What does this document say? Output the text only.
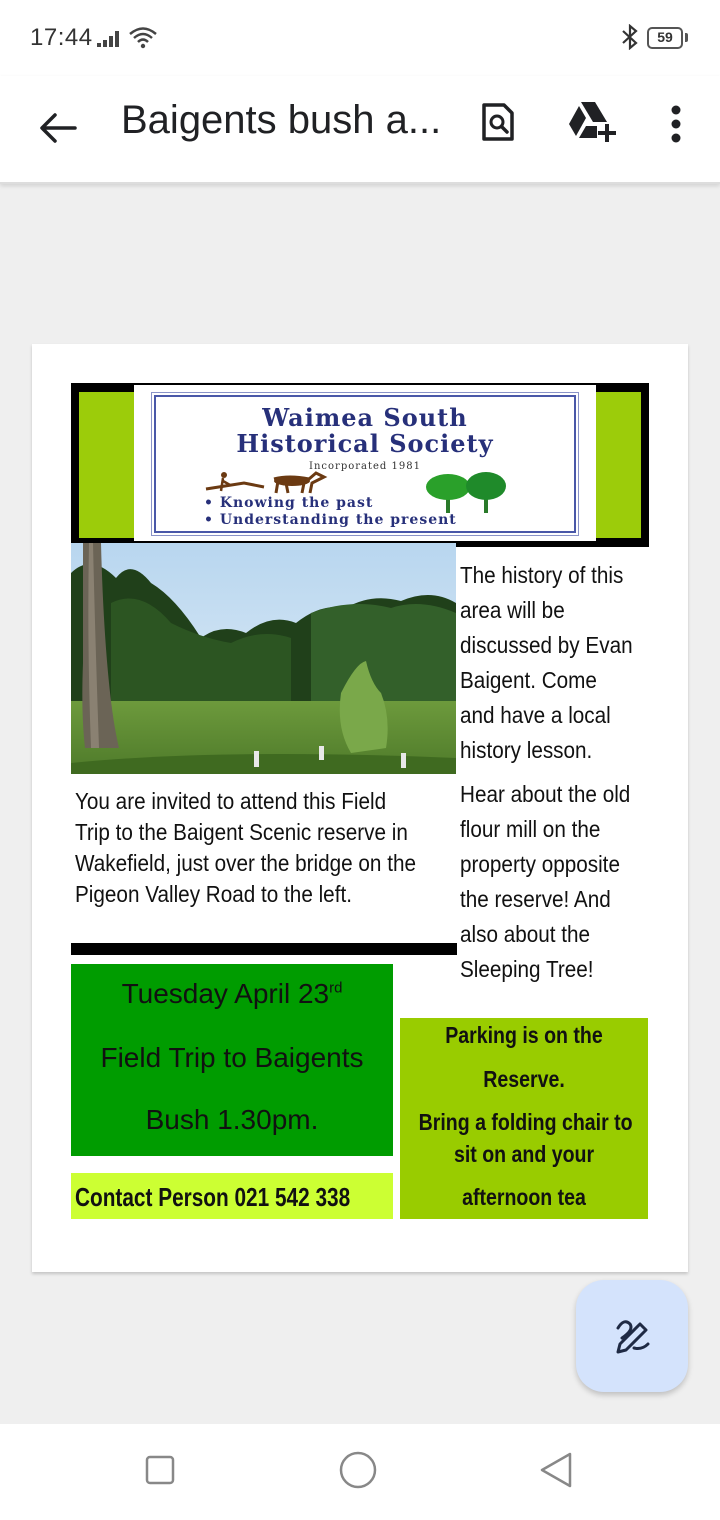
17:44	59
Baigents bush a...
Waimea South
Historical Society
Incorporated 1981
• Knowing the past
• Understanding the present
The history of this
area will be
discussed by Evan
Baigent. Come
and have a local
history lesson.
You are invited to attend this Field
Trip to the Baigent Scenic reserve in
Wakefield, just over the bridge on the
Pigeon Valley Road to the left.
Hear about the old
flour mill on the
property opposite
the reserve! And
also about the
Sleeping Tree!
Tuesday April 23rd
Field Trip to Baigents
Bush 1.30pm.
Contact Person 021 542 338
Parking is on the
Reserve.
Bring a folding chair to
sit on and your
afternoon tea
